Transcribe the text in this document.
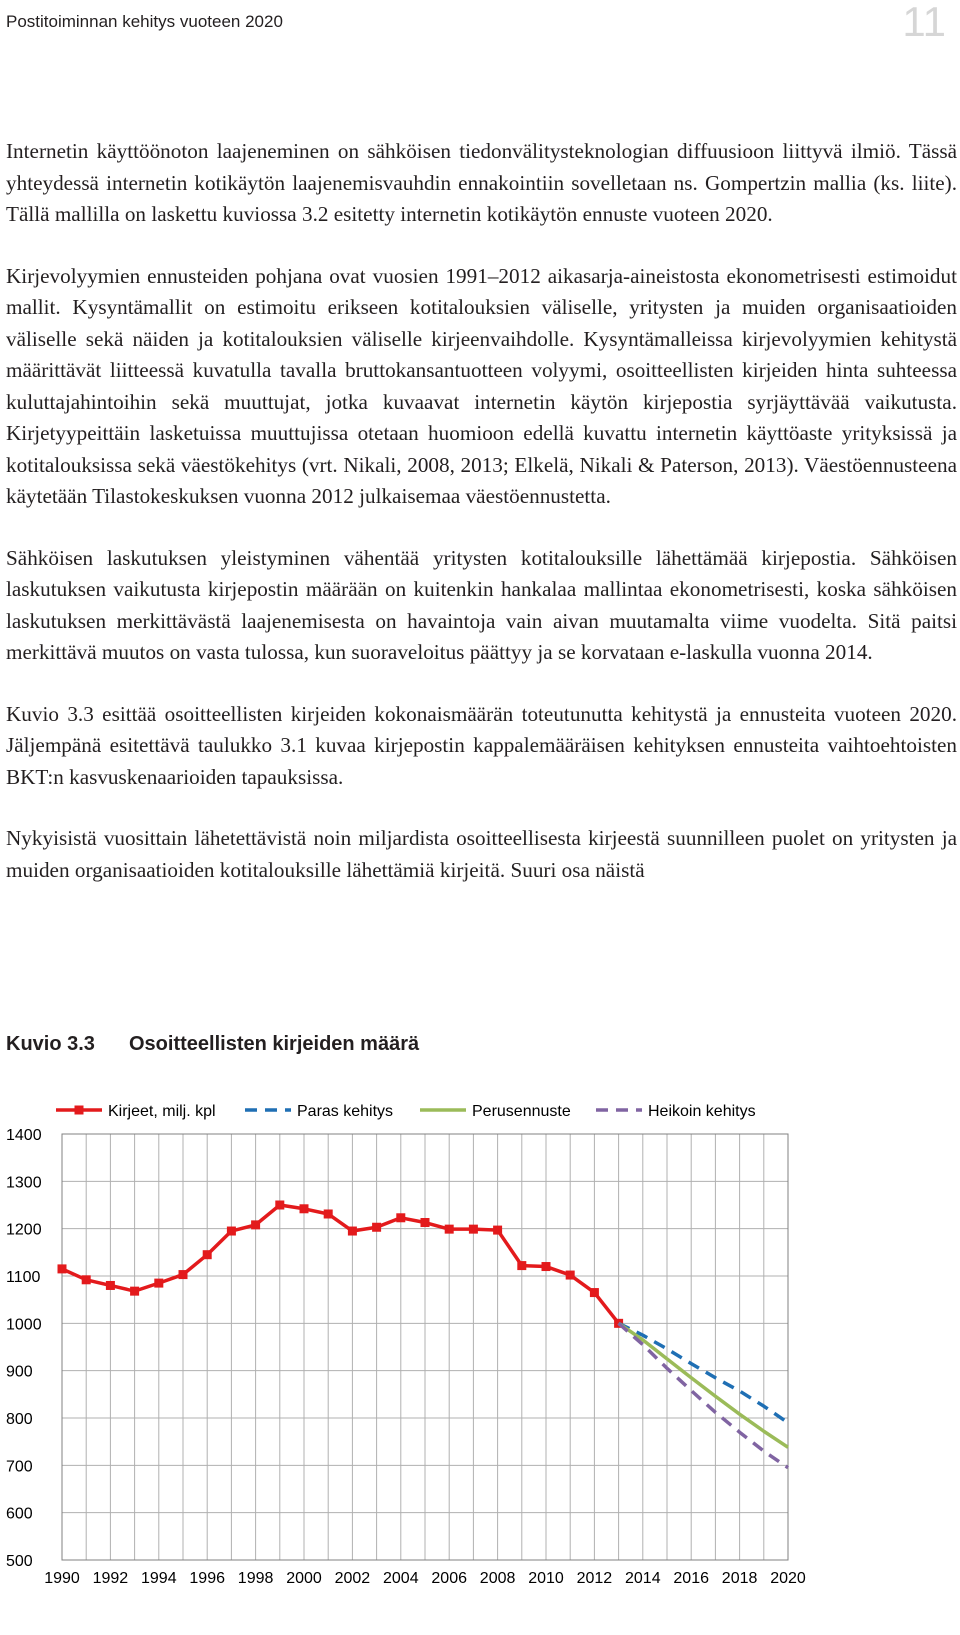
Postitoiminnan kehitys vuoteen 2020	11

Internetin käyttöönoton laajeneminen on sähköisen tiedonvälitysteknologian diffuusioon liittyvä ilmiö. Tässä yhteydessä internetin kotikäytön laajenemisvauhdin ennakointiin sovelletaan ns. Gompertzin mallia (ks. liite). Tällä mallilla on laskettu kuviossa 3.2 esitetty internetin kotikäytön ennuste vuoteen 2020.

Kirjevolyymien ennusteiden pohjana ovat vuosien 1991–2012 aikasarja-aineistosta ekonometrisesti estimoidut mallit. Kysyntämallit on estimoitu erikseen kotitalouksien väliselle, yritysten ja muiden organisaatioiden väliselle sekä näiden ja kotitalouksien väliselle kirjeenvaihdolle. Kysyntämalleissa kirjevolyymien kehitystä määrittävät liitteessä kuvatulla tavalla bruttokansantuotteen volyymi, osoitteellisten kirjeiden hinta suhteessa kuluttajahintoihin sekä muuttujat, jotka kuvaavat internetin käytön kirjepostia syrjäyttävää vaikutusta. Kirjetyypeittäin lasketuissa muuttujissa otetaan huomioon edellä kuvattu internetin käyttöaste yrityksissä ja kotitalouksissa sekä väestökehitys (vrt. Nikali, 2008, 2013; Elkelä, Nikali & Paterson, 2013). Väestöennusteena käytetään Tilastokeskuksen vuonna 2012 julkaisemaa väestöennustetta.

Sähköisen laskutuksen yleistyminen vähentää yritysten kotitalouksille lähettämää kirjepostia. Sähköisen laskutuksen vaikutusta kirjepostin määrään on kuitenkin hankalaa mallintaa ekonometrisesti, koska sähköisen laskutuksen merkittävästä laajenemisesta on havaintoja vain aivan muutamalta viime vuodelta. Sitä paitsi merkittävä muutos on vasta tulossa, kun suoraveloitus päättyy ja se korvataan e-laskulla vuonna 2014.

Kuvio 3.3 esittää osoitteellisten kirjeiden kokonaismäärän toteutunutta kehitystä ja ennusteita vuoteen 2020. Jäljempänä esitettävä taulukko 3.1 kuvaa kirjepostin kappalemääräisen kehityksen ennusteita vaihtoehtoisten BKT:n kasvuskenaarioiden tapauksissa.

Nykyisistä vuosittain lähetettävistä noin miljardista osoitteellisesta kirjeestä suunnilleen puolet on yritysten ja muiden organisaatioiden kotitalouksille lähettämiä kirjeitä. Suuri osa näistä

Kuvio 3.3 Osoitteellisten kirjeiden määrä
500
600
700
800
900
1000
1100
1200
1300
1400
1990 1992 1994 1996 1998 2000 2002 2004 2006 2008 2010 2012 2014 2016 2018 2020
Kirjeet, milj. kpl	Paras kehitys	Perusennuste	Heikoin kehitys
